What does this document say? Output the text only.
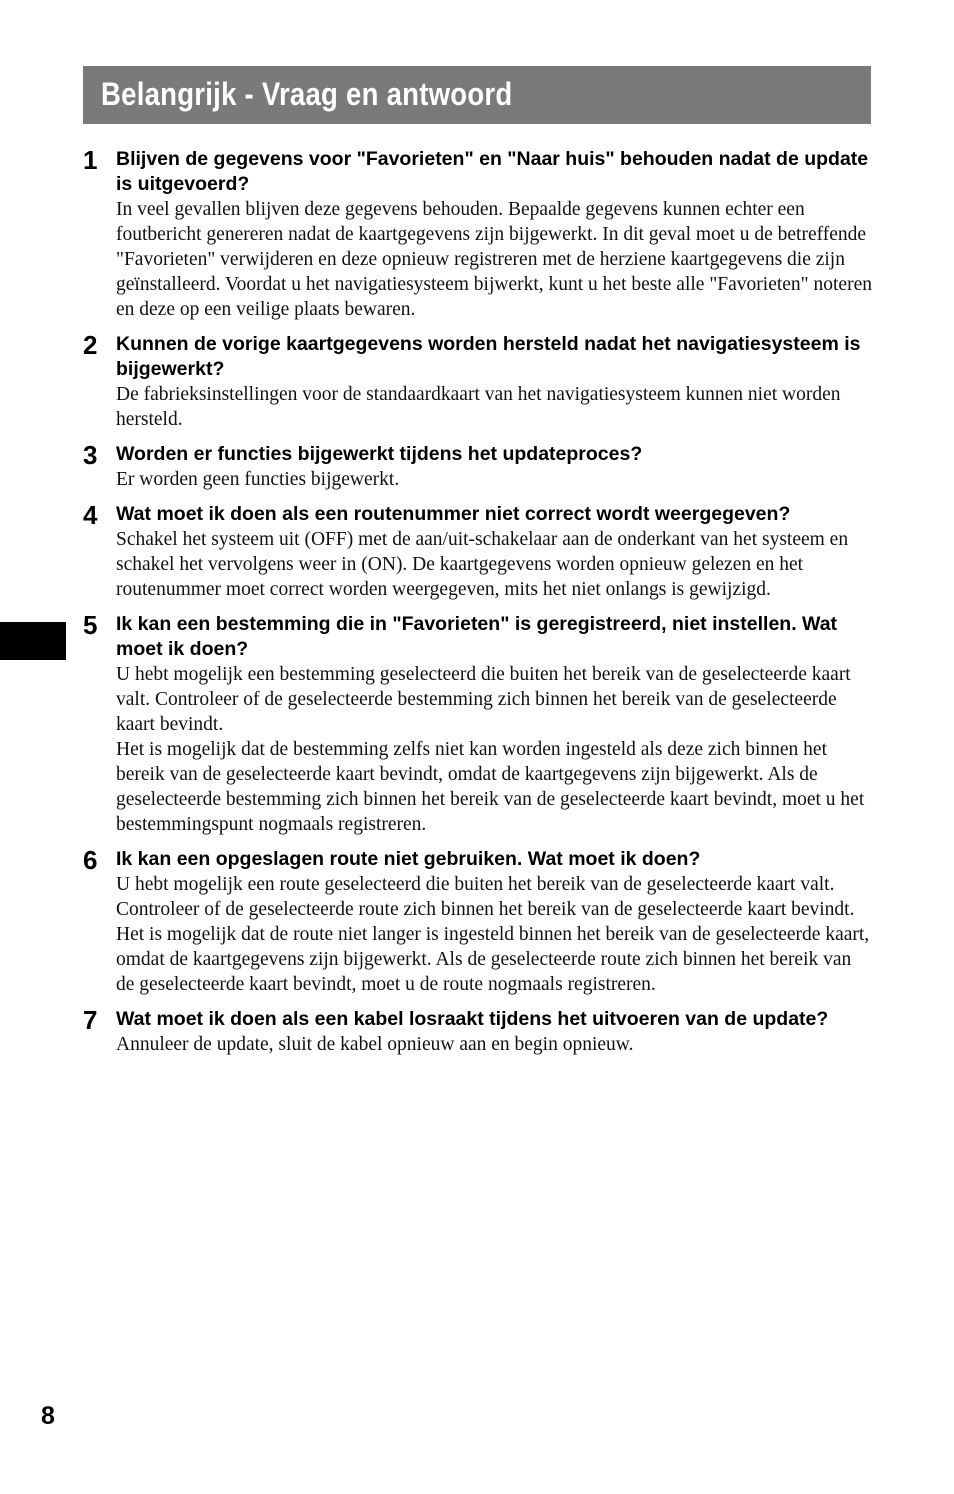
Belangrijk - Vraag en antwoord
1 Blijven de gegevens voor "Favorieten" en "Naar huis" behouden nadat de update is uitgevoerd?

In veel gevallen blijven deze gegevens behouden. Bepaalde gegevens kunnen echter een foutbericht genereren nadat de kaartgegevens zijn bijgewerkt. In dit geval moet u de betreffende "Favorieten" verwijderen en deze opnieuw registreren met de herziene kaartgegevens die zijn geïnstalleerd. Voordat u het navigatiesysteem bijwerkt, kunt u het beste alle "Favorieten" noteren en deze op een veilige plaats bewaren.

2 Kunnen de vorige kaartgegevens worden hersteld nadat het navigatiesysteem is bijgewerkt?

De fabrieksinstellingen voor de standaardkaart van het navigatiesysteem kunnen niet worden hersteld.

3 Worden er functies bijgewerkt tijdens het updateproces?

Er worden geen functies bijgewerkt.

4 Wat moet ik doen als een routenummer niet correct wordt weergegeven?

Schakel het systeem uit (OFF) met de aan/uit-schakelaar aan de onderkant van het systeem en schakel het vervolgens weer in (ON). De kaartgegevens worden opnieuw gelezen en het routenummer moet correct worden weergegeven, mits het niet onlangs is gewijzigd.

5 Ik kan een bestemming die in "Favorieten" is geregistreerd, niet instellen. Wat moet ik doen?

U hebt mogelijk een bestemming geselecteerd die buiten het bereik van de geselecteerde kaart valt. Controleer of de geselecteerde bestemming zich binnen het bereik van de geselecteerde kaart bevindt.

Het is mogelijk dat de bestemming zelfs niet kan worden ingesteld als deze zich binnen het bereik van de geselecteerde kaart bevindt, omdat de kaartgegevens zijn bijgewerkt. Als de geselecteerde bestemming zich binnen het bereik van de geselecteerde kaart bevindt, moet u het bestemmingspunt nogmaals registreren.

6 Ik kan een opgeslagen route niet gebruiken. Wat moet ik doen?

U hebt mogelijk een route geselecteerd die buiten het bereik van de geselecteerde kaart valt. Controleer of de geselecteerde route zich binnen het bereik van de geselecteerde kaart bevindt.

Het is mogelijk dat de route niet langer is ingesteld binnen het bereik van de geselecteerde kaart, omdat de kaartgegevens zijn bijgewerkt. Als de geselecteerde route zich binnen het bereik van de geselecteerde kaart bevindt, moet u de route nogmaals registreren.

7 Wat moet ik doen als een kabel losraakt tijdens het uitvoeren van de update?

Annuleer de update, sluit de kabel opnieuw aan en begin opnieuw.

8
